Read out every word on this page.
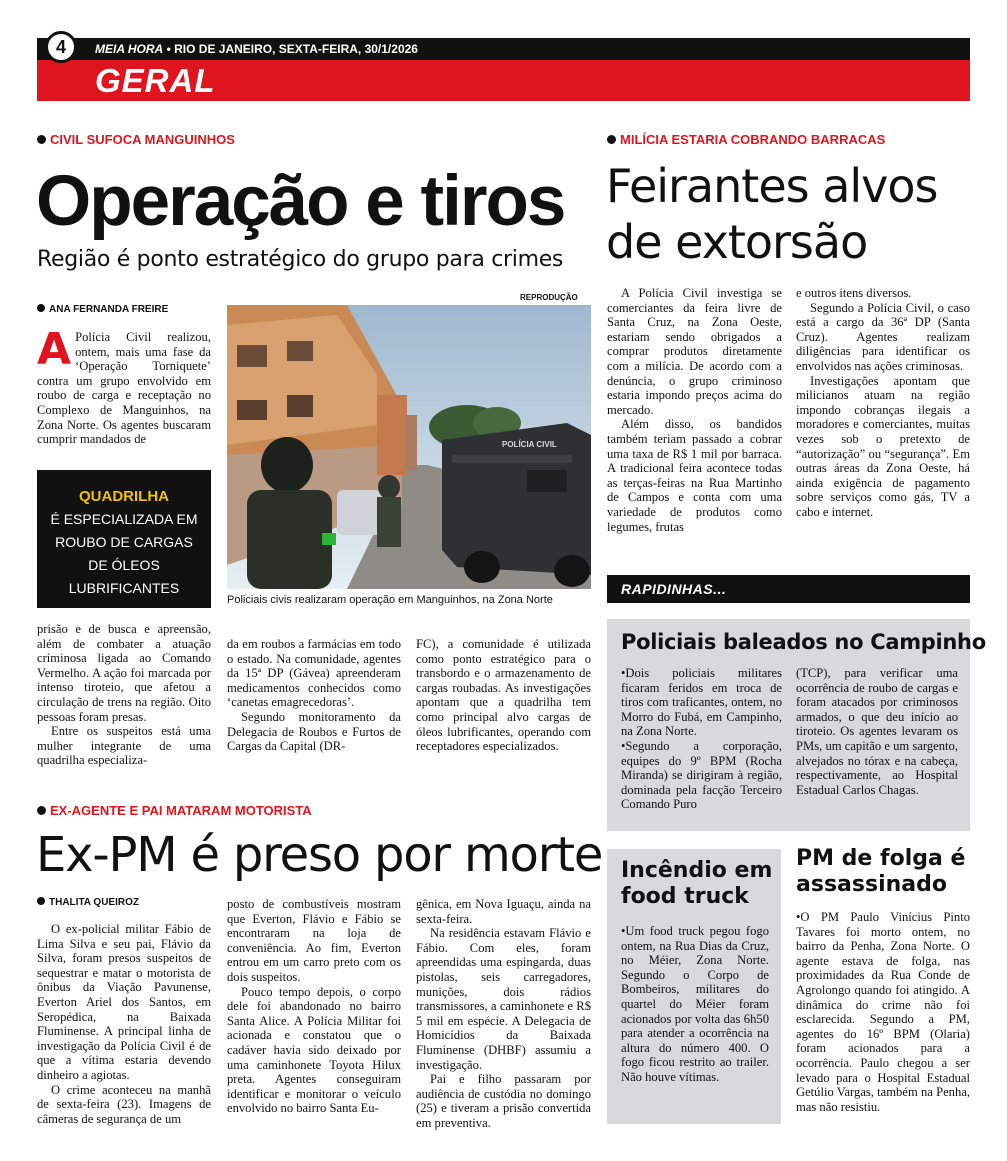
4	MEIA HORA • RIO DE JANEIRO, SEXTA-FEIRA, 30/1/2026
GERAL
CIVIL SUFOCA MANGUINHOS
Operação e tiros
Região é ponto estratégico do grupo para crimes
ANA FERNANDA FREIRE
A Polícia Civil realizou, ontem, mais uma fase da ‘Operação Torniquete’ contra um grupo envolvido em roubo de carga e receptação no Complexo de Manguinhos, na Zona Norte. Os agentes buscaram cumprir mandados de
QUADRILHA
É ESPECIALIZADA EM ROUBO DE CARGAS DE ÓLEOS LUBRIFICANTES
REPRODUÇÃO
POLÍCIA CIVIL
Policiais civis realizaram operação em Manguinhos, na Zona Norte

prisão e de busca e apreensão, além de combater a atuação criminosa ligada ao Comando Vermelho. A ação foi marcada por intenso tiroteio, que afetou a circulação de trens na região. Oito pessoas foram presas.

Entre os suspeitos está uma mulher integrante de uma quadrilha especializa-

da em roubos a farmácias em todo o estado. Na comunidade, agentes da 15ª DP (Gávea) apreenderam medicamentos conhecidos como ‘canetas emagrecedoras’.

Segundo monitoramento da Delegacia de Roubos e Furtos de Cargas da Capital (DR-

FC), a comunidade é utilizada como ponto estratégico para o transbordo e o armazenamento de cargas roubadas. As investigações apontam que a quadrilha tem como principal alvo cargas de óleos lubrificantes, operando com receptadores especializados.

MILÍCIA ESTARIA COBRANDO BARRACAS
Feirantes alvos
de extorsão

A Polícia Civil investiga se comerciantes da feira livre de Santa Cruz, na Zona Oeste, estariam sendo obrigados a comprar produtos diretamente com a milícia. De acordo com a denúncia, o grupo criminoso estaria impondo preços acima do mercado.

Além disso, os bandidos também teriam passado a cobrar uma taxa de R$ 1 mil por barraca. A tradicional feira acontece todas as terças-feiras na Rua Martinho de Campos e conta com uma variedade de produtos como legumes, frutas

e outros itens diversos.

Segundo a Polícia Civil, o caso está a cargo da 36ª DP (Santa Cruz). Agentes realizam diligências para identificar os envolvidos nas ações criminosas.

Investigações apontam que milicianos atuam na região impondo cobranças ilegais a moradores e comerciantes, muitas vezes sob o pretexto de “autorização” ou “segurança”. Em outras áreas da Zona Oeste, há ainda exigência de pagamento sobre serviços como gás, TV a cabo e internet.

RAPIDINHAS...
Policiais baleados no Campinho

•Dois policiais militares ficaram feridos em troca de tiros com traficantes, ontem, no Morro do Fubá, em Campinho, na Zona Norte.

•Segundo a corporação, equipes do 9º BPM (Rocha Miranda) se dirigiram à região, dominada pela facção Terceiro Comando Puro

(TCP), para verificar uma ocorrência de roubo de cargas e foram atacados por criminosos armados, o que deu início ao tiroteio. Os agentes levaram os PMs, um capitão e um sargento, alvejados no tórax e na cabeça, respectivamente, ao Hospital Estadual Carlos Chagas.

Incêndio em food truck

•Um food truck pegou fogo ontem, na Rua Dias da Cruz, no Méier, Zona Norte. Segundo o Corpo de Bombeiros, militares do quartel do Méier foram acionados por volta das 6h50 para atender a ocorrência na altura do número 400. O fogo ficou restrito ao trailer. Não houve vítimas.

PM de folga é assassinado

•O PM Paulo Vinícius Pinto Tavares foi morto ontem, no bairro da Penha, Zona Norte. O agente estava de folga, nas proximidades da Rua Conde de Agrolongo quando foi atingido. A dinâmica do crime não foi esclarecida. Segundo a PM, agentes do 16º BPM (Olaria) foram acionados para a ocorrência. Paulo chegou a ser levado para o Hospital Estadual Getúlio Vargas, também na Penha, mas não resistiu.

EX-AGENTE E PAI MATARAM MOTORISTA
Ex-PM é preso por morte
THALITA QUEIROZ

O ex-policial militar Fábio de Lima Silva e seu pai, Flávio da Silva, foram presos suspeitos de sequestrar e matar o motorista de ônibus da Viação Pavunense, Everton Ariel dos Santos, em Seropédica, na Baixada Fluminense. A principal linha de investigação da Polícia Civil é de que a vítima estaria devendo dinheiro a agiotas.

O crime aconteceu na manhã de sexta-feira (23). Imagens de câmeras de segurança de um

posto de combustíveis mostram que Everton, Flávio e Fábio se encontraram na loja de conveniência. Ao fim, Everton entrou em um carro preto com os dois suspeitos.

Pouco tempo depois, o corpo dele foi abandonado no bairro Santa Alice. A Polícia Militar foi acionada e constatou que o cadáver havia sido deixado por uma caminhonete Toyota Hilux preta. Agentes conseguiram identificar e monitorar o veículo envolvido no bairro Santa Eu-

gênica, em Nova Iguaçu, ainda na sexta-feira.

Na residência estavam Flávio e Fábio. Com eles, foram apreendidas uma espingarda, duas pistolas, seis carregadores, munições, dois rádios transmissores, a caminhonete e R$ 5 mil em espécie. A Delegacia de Homicídios da Baixada Fluminense (DHBF) assumiu a investigação.

Pai e filho passaram por audiência de custódia no domingo (25) e tiveram a prisão convertida em preventiva.
